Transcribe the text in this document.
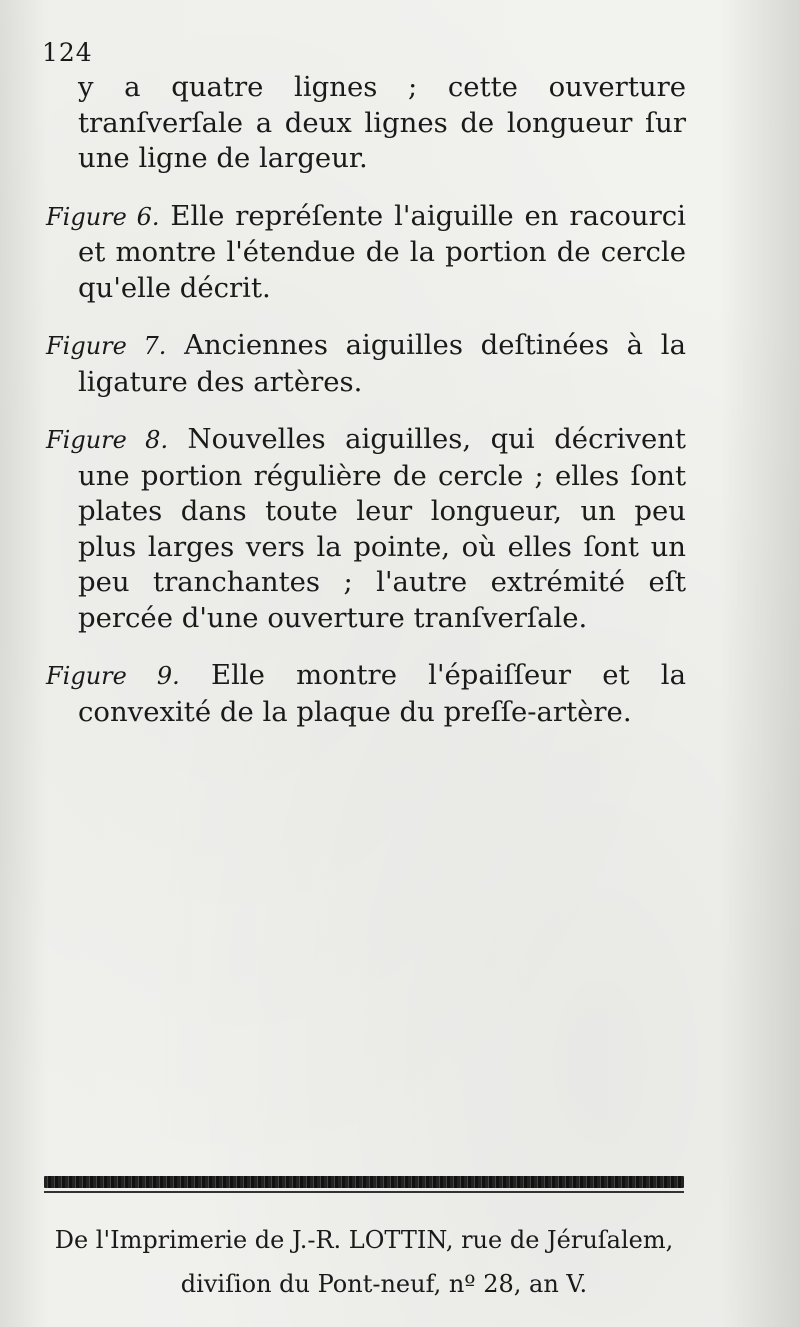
124
y a quatre lignes ; cette ouverture tranſverſale a deux lignes de longueur ſur une ligne de largeur.

Figure 6. Elle repréſente l'aiguille en racourci et montre l'étendue de la portion de cercle qu'elle décrit.

Figure 7. Anciennes aiguilles deſtinées à la ligature des artères.

Figure 8. Nouvelles aiguilles, qui décrivent une portion régulière de cercle ; elles ſont plates dans toute leur longueur, un peu plus larges vers la pointe, où elles ſont un peu tranchantes ; l'autre extrémité eſt percée d'une ouverture tranſverſale.

Figure 9. Elle montre l'épaiſſeur et la convexité de la plaque du preſſe-artère.

De l'Imprimerie de J.-R. LOTTIN, rue de Jéruſalem,
diviſion du Pont-neuf, nº 28, an V.
